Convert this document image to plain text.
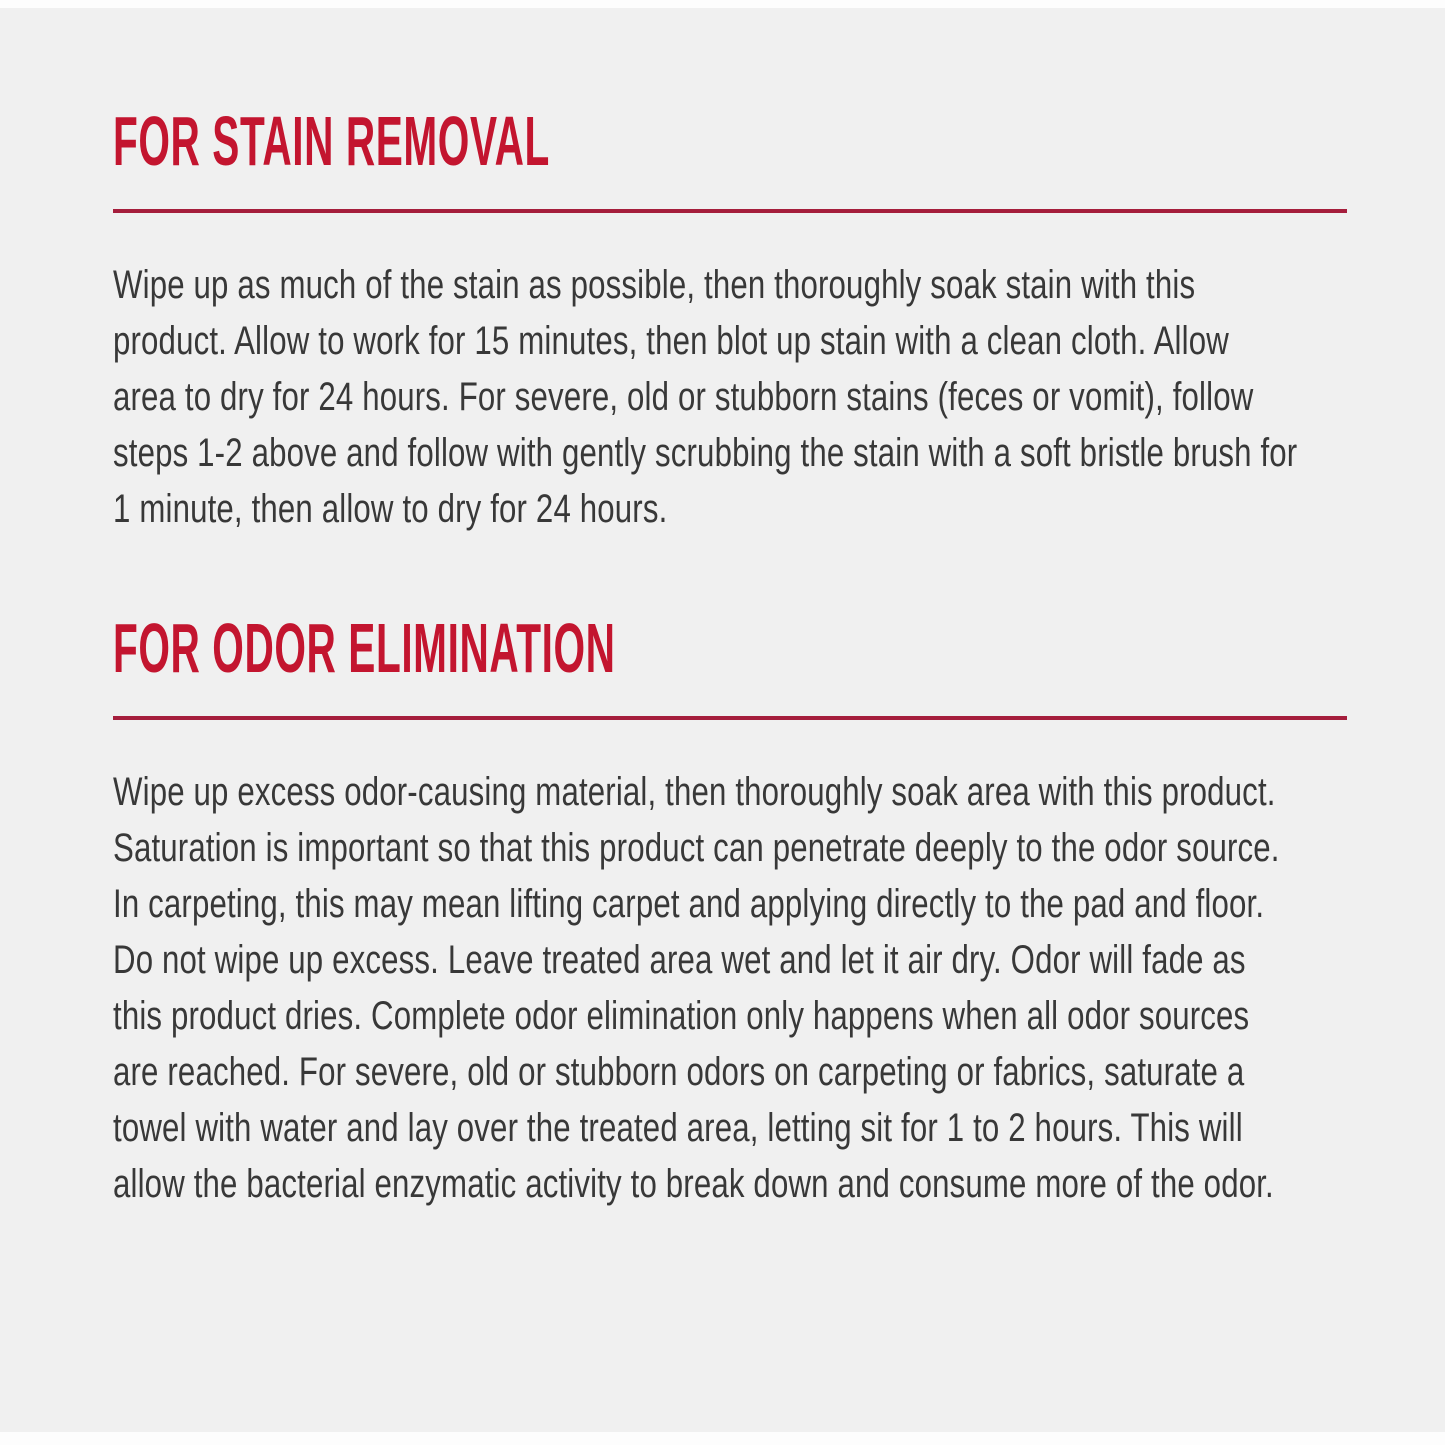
FOR STAIN REMOVAL

Wipe up as much of the stain as possible, then thoroughly soak stain with this product. Allow to work for 15 minutes, then blot up stain with a clean cloth. Allow area to dry for 24 hours. For severe, old or stubborn stains (feces or vomit), follow steps 1-2 above and follow with gently scrubbing the stain with a soft bristle brush for 1 minute, then allow to dry for 24 hours.

FOR ODOR ELIMINATION

Wipe up excess odor-causing material, then thoroughly soak area with this product. Saturation is important so that this product can penetrate deeply to the odor source. In carpeting, this may mean lifting carpet and applying directly to the pad and floor. Do not wipe up excess. Leave treated area wet and let it air dry. Odor will fade as this product dries. Complete odor elimination only happens when all odor sources are reached. For severe, old or stubborn odors on carpeting or fabrics, saturate a towel with water and lay over the treated area, letting sit for 1 to 2 hours. This will allow the bacterial enzymatic activity to break down and consume more of the odor.
